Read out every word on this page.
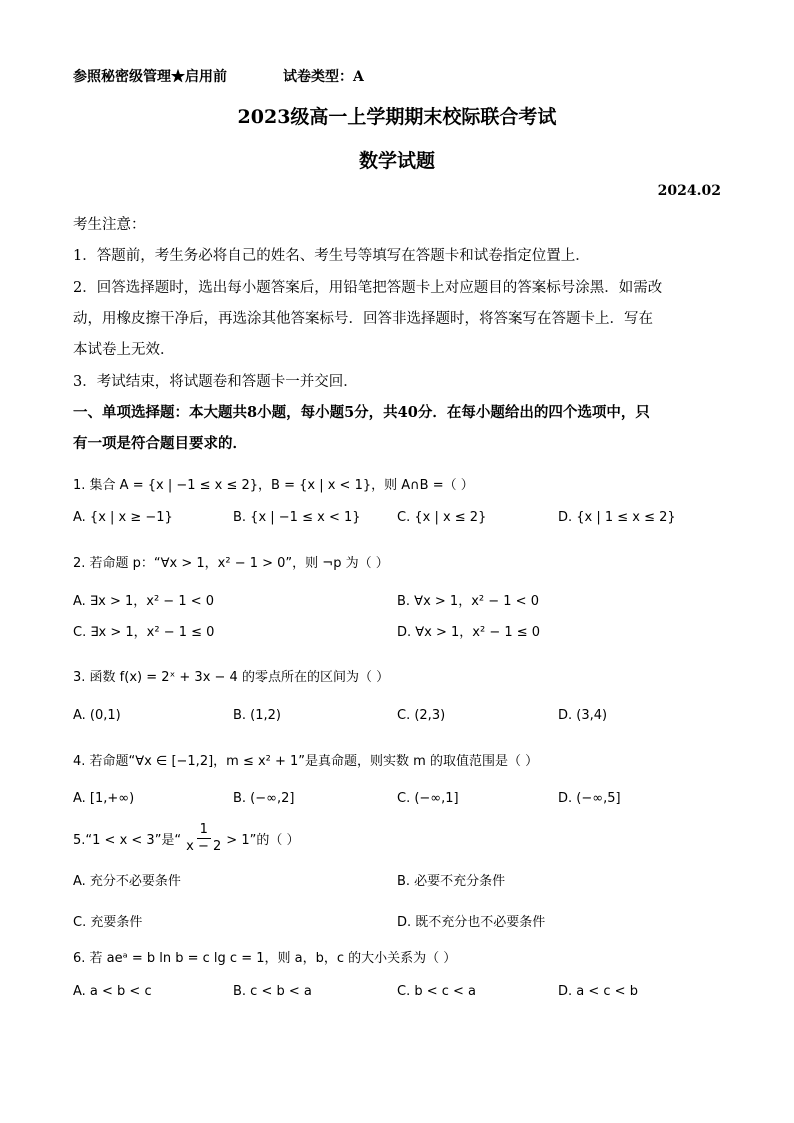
参照秘密级管理★启用前	试卷类型：A
2023级高一上学期期末校际联合考试
数学试题
2024.02
考生注意：
1．答题前，考生务必将自己的姓名、考生号等填写在答题卡和试卷指定位置上．
2．回答选择题时，选出每小题答案后，用铅笔把答题卡上对应题目的答案标号涂黑．如需改
动，用橡皮擦干净后，再选涂其他答案标号．回答非选择题时，将答案写在答题卡上．写在
本试卷上无效．
3．考试结束，将试题卷和答题卡一并交回．
一、单项选择题：本大题共8小题，每小题5分，共40分．在每小题给出的四个选项中，只
有一项是符合题目要求的．
1. 集合 A = {x | −1 ≤ x ≤ 2}，B = {x | x < 1}，则 A∩B =（ ）
A. {x | x ≥ −1}	B. {x | −1 ≤ x < 1}	C. {x | x ≤ 2}	D. {x | 1 ≤ x ≤ 2}
2. 若命题 p：“∀x > 1，x² − 1 > 0”，则 ¬p 为（ ）
A. ∃x > 1，x² − 1 < 0	B. ∀x > 1，x² − 1 < 0
C. ∃x > 1，x² − 1 ≤ 0	D. ∀x > 1，x² − 1 ≤ 0
3. 函数 f(x) = 2ˣ + 3x − 4 的零点所在的区间为（ ）
A. (0,1)	B. (1,2)	C. (2,3)	D. (3,4)
4. 若命题“∀x ∈ [−1,2]，m ≤ x² + 1”是真命题，则实数 m 的取值范围是（ ）
A. [1,+∞)	B. (−∞,2]	C. (−∞,1]	D. (−∞,5]
5.“1 < x < 3”是“ $\frac{1}{x - 2} > 1$”的（ ）
A. 充分不必要条件	B. 必要不充分条件
C. 充要条件	D. 既不充分也不必要条件
6. 若 aeᵃ = b ln b = c lg c = 1，则 a，b，c 的大小关系为（ ）
A. a < b < c	B. c < b < a	C. b < c < a	D. a < c < b
